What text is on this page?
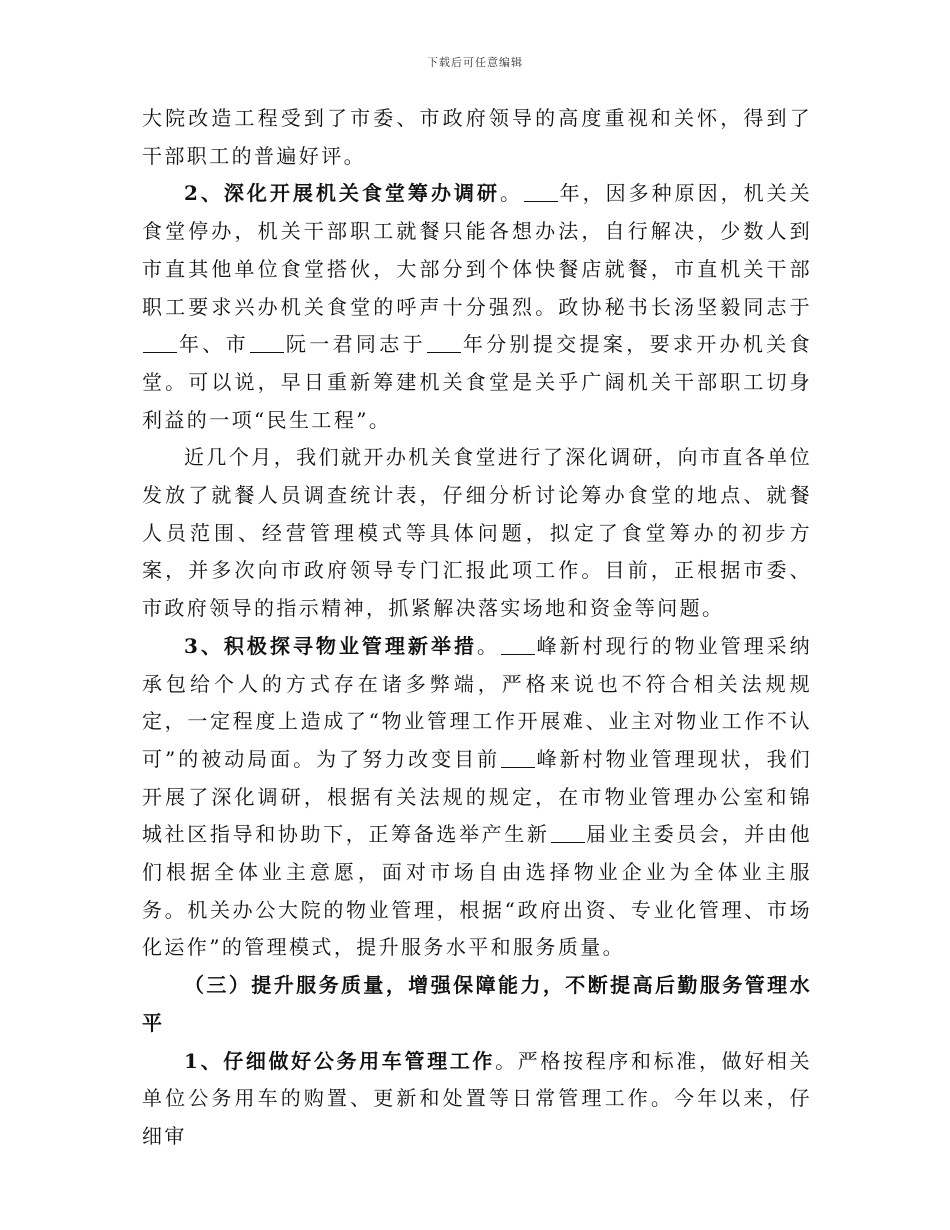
下载后可任意编辑

大院改造工程受到了市委、市政府领导的高度重视和关怀，得到了干部职工的普遍好评。

2、深化开展机关食堂筹办调研。 年，因多种原因，机关关食堂停办，机关干部职工就餐只能各想办法，自行解决，少数人到市直其他单位食堂搭伙，大部分到个体快餐店就餐，市直机关干部职工要求兴办机关食堂的呼声十分强烈。政协秘书长汤坚毅同志于年、市 阮一君同志于 年分别提交提案，要求开办机关食堂。可以说，早日重新筹建机关食堂是关乎广阔机关干部职工切身利益的一项“民生工程”。

近几个月，我们就开办机关食堂进行了深化调研，向市直各单位发放了就餐人员调查统计表，仔细分析讨论筹办食堂的地点、就餐人员范围、经营管理模式等具体问题，拟定了食堂筹办的初步方案，并多次向市政府领导专门汇报此项工作。目前，正根据市委、市政府领导的指示精神，抓紧解决落实场地和资金等问题。

3、积极探寻物业管理新举措。 峰新村现行的物业管理采纳承包给个人的方式存在诸多弊端，严格来说也不符合相关法规规定，一定程度上造成了“物业管理工作开展难、业主对物业工作不认可”的被动局面。为了努力改变目前 峰新村物业管理现状，我们开展了深化调研，根据有关法规的规定，在市物业管理办公室和锦城社区指导和协助下，正筹备选举产生新 届业主委员会，并由他们根据全体业主意愿，面对市场自由选择物业企业为全体业主服务。机关办公大院的物业管理，根据“政府出资、专业化管理、市场化运作”的管理模式，提升服务水平和服务质量。

（三）提升服务质量，增强保障能力，不断提高后勤服务管理水平

1、仔细做好公务用车管理工作。严格按程序和标准，做好相关单位公务用车的购置、更新和处置等日常管理工作。今年以来，仔细审
